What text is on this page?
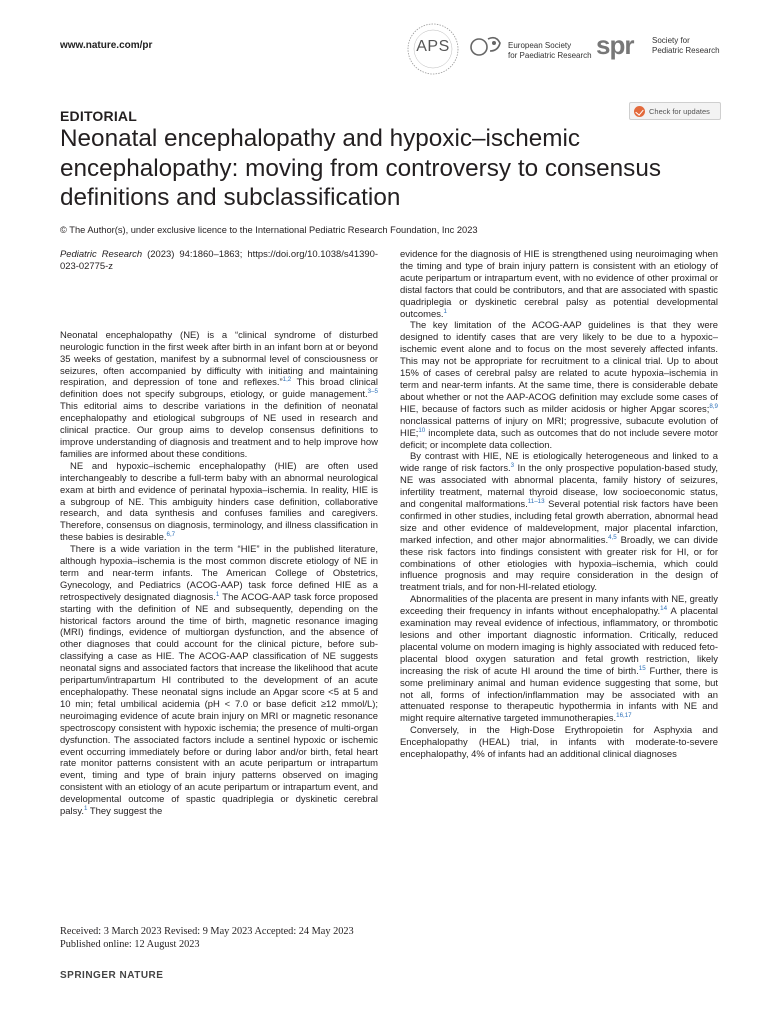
www.nature.com/pr	APS	European Society
for Paediatric Research spr Society for
Pediatric Research
EDITORIAL	Check for updates
Neonatal encephalopathy and hypoxic–ischemic encephalopathy: moving from controversy to consensus definitions and subclassification
© The Author(s), under exclusive licence to the International Pediatric Research Foundation, Inc 2023

Pediatric Research (2023) 94:1860–1863; https://doi.org/10.1038/s41390-023-02775-z

Neonatal encephalopathy (NE) is a “clinical syndrome of disturbed neurologic function in the first week after birth in an infant born at or beyond 35 weeks of gestation, manifest by a subnormal level of consciousness or seizures, often accompanied by difficulty with initiating and maintaining respiration, and depression of tone and reflexes.”$^{1,2}$ This broad clinical definition does not specify subgroups, etiology, or guide management.$^{3-5}$ This editorial aims to describe variations in the definition of neonatal encephalopathy and etiological subgroups of NE used in research and clinical practice. Our group aims to develop consensus definitions to improve understanding of diagnosis and treatment and to help improve how families are informed about these conditions.

NE and hypoxic–ischemic encephalopathy (HIE) are often used interchangeably to describe a full-term baby with an abnormal neurological exam at birth and evidence of perinatal hypoxia–ischemia. In reality, HIE is a subgroup of NE. This ambiguity hinders case definition, collaborative research, and data synthesis and confuses families and caregivers. Therefore, consensus on diagnosis, terminology, and illness classification in these babies is desirable.$^{6,7}$

There is a wide variation in the term “HIE” in the published literature, although hypoxia–ischemia is the most common discrete etiology of NE in term and near-term infants. The American College of Obstetrics, Gynecology, and Pediatrics (ACOG-AAP) task force defined HIE as a retrospectively designated diagnosis.$^1$ The ACOG-AAP task force proposed starting with the definition of NE and subsequently, depending on the historical factors around the time of birth, magnetic resonance imaging (MRI) findings, evidence of multiorgan dysfunction, and the absence of other diagnoses that could account for the clinical picture, before sub-classifying a case as HIE. The ACOG-AAP classification of NE suggests neonatal signs and associated factors that increase the likelihood that acute peripartum/intrapartum HI contributed to the development of an acute encephalopathy. These neonatal signs include an Apgar score <5 at 5 and 10 min; fetal umbilical acidemia (pH < 7.0 or base deficit ≥12 mmol/L); neuroimaging evidence of acute brain injury on MRI or magnetic resonance spectroscopy consistent with hypoxic ischemia; the presence of multi-organ dysfunction. The associated factors include a sentinel hypoxic or ischemic event occurring immediately before or during labor and/or birth, fetal heart rate monitor patterns consistent with an acute peripartum or intrapartum event, timing and type of brain injury patterns observed on imaging consistent with an etiology of an acute peripartum or intrapartum event, and developmental outcome of spastic quadriplegia or dyskinetic cerebral palsy.$^1$ They suggest the

evidence for the diagnosis of HIE is strengthened using neuroimaging when the timing and type of brain injury pattern is consistent with an etiology of acute peripartum or intrapartum event, with no evidence of other proximal or distal factors that could be contributors, and that are associated with spastic quadriplegia or dyskinetic cerebral palsy as potential developmental outcomes.$^1$

The key limitation of the ACOG-AAP guidelines is that they were designed to identify cases that are very likely to be due to a hypoxic–ischemic event alone and to focus on the most severely affected infants. This may not be appropriate for recruitment to a clinical trial. Up to about 15% of cases of cerebral palsy are related to acute hypoxia–ischemia in term and near-term infants. At the same time, there is considerable debate about whether or not the AAP-ACOG definition may exclude some cases of HIE, because of factors such as milder acidosis or higher Apgar scores;$^{8,9}$ nonclassical patterns of injury on MRI; progressive, subacute evolution of HIE;$^{10}$ incomplete data, such as outcomes that do not include severe motor deficit; or incomplete data collection.

By contrast with HIE, NE is etiologically heterogeneous and linked to a wide range of risk factors.$^3$ In the only prospective population-based study, NE was associated with abnormal placenta, family history of seizures, infertility treatment, maternal thyroid disease, low socioeconomic status, and congenital malformations.$^{11-13}$ Several potential risk factors have been confirmed in other studies, including fetal growth aberration, abnormal head size and other evidence of maldevelopment, major placental infarction, marked infection, and other major abnormalities.$^{4,5}$ Broadly, we can divide these risk factors into findings consistent with greater risk for HI, or for combinations of other etiologies with hypoxia–ischemia, which could influence prognosis and may require consideration in the design of treatment trials, and for non-HI-related etiology.

Abnormalities of the placenta are present in many infants with NE, greatly exceeding their frequency in infants without encephalopathy.$^{14}$ A placental examination may reveal evidence of infectious, inflammatory, or thrombotic lesions and other important diagnostic information. Critically, reduced placental volume on modern imaging is highly associated with reduced feto-placental blood oxygen saturation and fetal growth restriction, likely increasing the risk of acute HI around the time of birth.$^{15}$ Further, there is some preliminary animal and human evidence suggesting that some, but not all, forms of infection/inflammation may be associated with an attenuated response to therapeutic hypothermia in infants with NE and might require alternative targeted immunotherapies.$^{16,17}$

Conversely, in the High-Dose Erythropoietin for Asphyxia and Encephalopathy (HEAL) trial, in infants with moderate-to-severe encephalopathy, 4% of infants had an additional clinical diagnoses

Received: 3 March 2023 Revised: 9 May 2023 Accepted: 24 May 2023
Published online: 12 August 2023
SPRINGER NATURE
